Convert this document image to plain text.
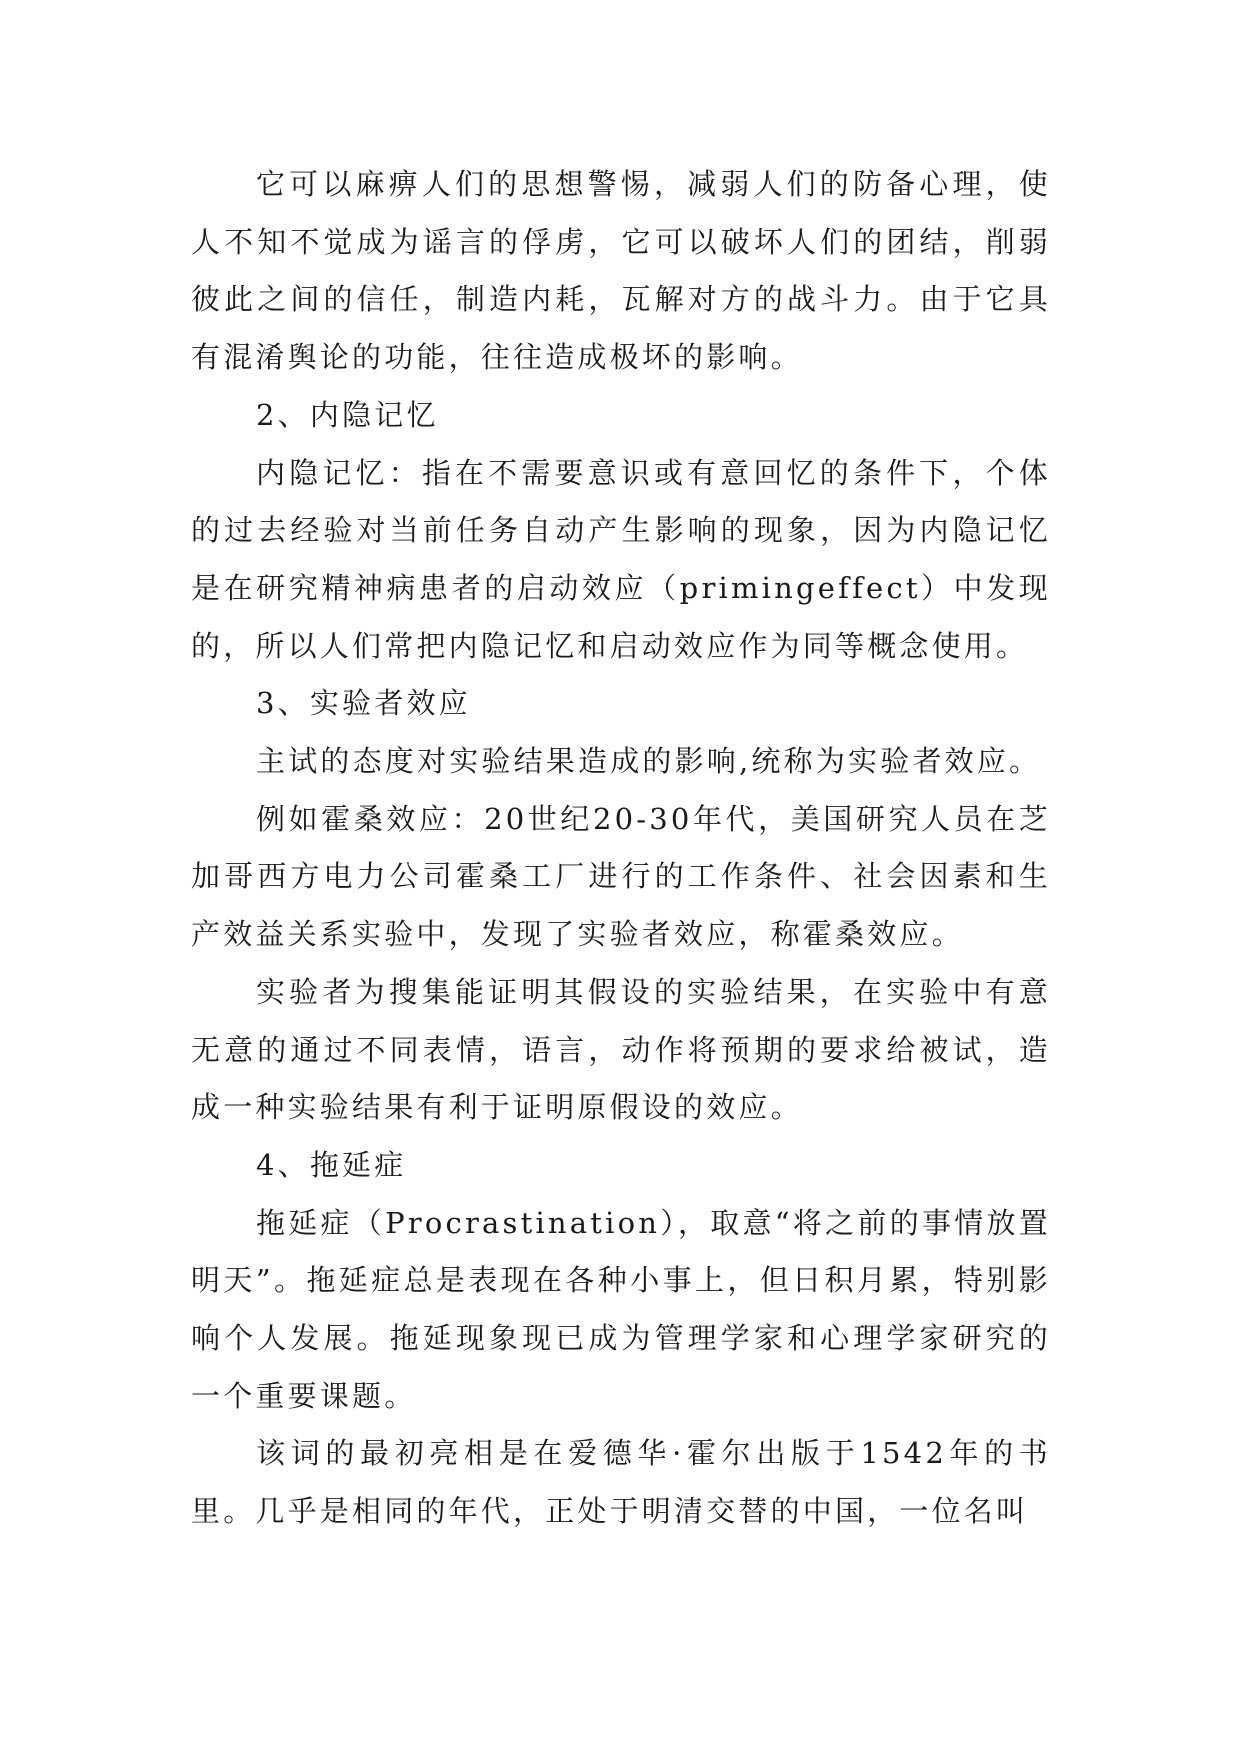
它可以麻痹人们的思想警惕，减弱人们的防备心理，使人不知不觉成为谣言的俘虏，它可以破坏人们的团结，削弱彼此之间的信任，制造内耗，瓦解对方的战斗力。由于它具有混淆舆论的功能，往往造成极坏的影响。

2、内隐记忆

内隐记忆：指在不需要意识或有意回忆的条件下，个体的过去经验对当前任务自动产生影响的现象，因为内隐记忆是在研究精神病患者的启动效应（primingeffect）中发现的，所以人们常把内隐记忆和启动效应作为同等概念使用。

3、实验者效应

主试的态度对实验结果造成的影响,统称为实验者效应。

例如霍桑效应：20世纪20-30年代，美国研究人员在芝加哥西方电力公司霍桑工厂进行的工作条件、社会因素和生产效益关系实验中，发现了实验者效应，称霍桑效应。

实验者为搜集能证明其假设的实验结果，在实验中有意无意的通过不同表情，语言，动作将预期的要求给被试，造成一种实验结果有利于证明原假设的效应。

4、拖延症

拖延症（Procrastination），取意“将之前的事情放置明天”。拖延症总是表现在各种小事上，但日积月累，特别影响个人发展。拖延现象现已成为管理学家和心理学家研究的一个重要课题。

该词的最初亮相是在爱德华·霍尔出版于1542年的书里。几乎是相同的年代，正处于明清交替的中国，一位名叫
